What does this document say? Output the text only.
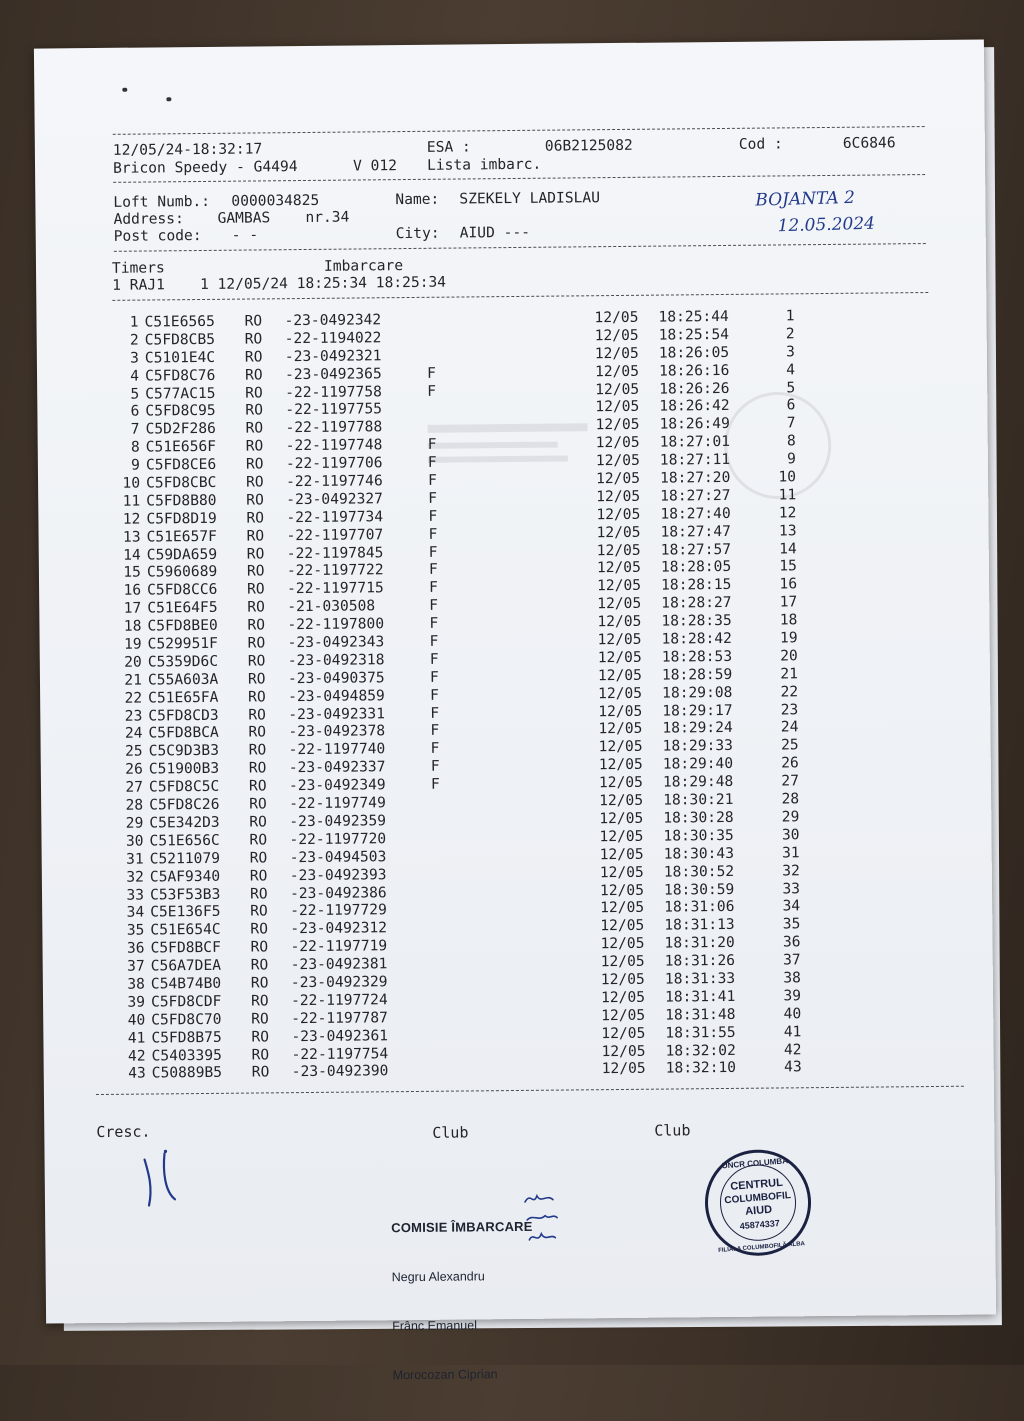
12/05/24-18:32:17

	ESA :

	06B2125082

	Cod :

	6C6846

Bricon Speedy - G4494

	V 012

Lista imbarc.

Loft Numb.:

0000034825

	Name:

SZEKELY LADISLAU

Address:

GAMBAS    nr.34

Post code:

- -

	City:

AIUD ---

BOJANTA 2

12.05.2024

Timers

	Imbarcare

1 RAJ1    1 12/05/24 18:25:34 18:25:34

1 C51E6565 RO -23-0492342	12/05 18:25:44	1
2 C5FD8CB5 RO -22-1194022	12/05 18:25:54	2
3 C5101E4C RO -23-0492321	12/05 18:26:05	3
4 C5FD8C76 RO -23-0492365	F	12/05 18:26:16	4
5 C577AC15 RO -22-1197758	F	12/05 18:26:26	5
6 C5FD8C95 RO -22-1197755	12/05 18:26:42	6
7 C5D2F286 RO -22-1197788	12/05 18:26:49	7
8 C51E656F RO -22-1197748	F	12/05 18:27:01	8
9 C5FD8CE6 RO -22-1197706	F	12/05 18:27:11	9
10 C5FD8CBC RO -22-1197746	F	12/05 18:27:20	10
11 C5FD8B80 RO -23-0492327	F	12/05 18:27:27	11
12 C5FD8D19 RO -22-1197734	F	12/05 18:27:40	12
13 C51E657F RO -22-1197707	F	12/05 18:27:47	13
14 C59DA659 RO -22-1197845	F	12/05 18:27:57	14
15 C5960689 RO -22-1197722	F	12/05 18:28:05	15
16 C5FD8CC6 RO -22-1197715	F	12/05 18:28:15	16
17 C51E64F5 RO -21-030508	F	12/05 18:28:27	17
18 C5FD8BE0 RO -22-1197800	F	12/05 18:28:35	18
19 C529951F RO -23-0492343	F	12/05 18:28:42	19
20 C5359D6C RO -23-0492318	F	12/05 18:28:53	20
21 C55A603A RO -23-0490375	F	12/05 18:28:59	21
22 C51E65FA RO -23-0494859	F	12/05 18:29:08	22
23 C5FD8CD3 RO -23-0492331	F	12/05 18:29:17	23
24 C5FD8BCA RO -23-0492378	F	12/05 18:29:24	24
25 C5C9D3B3 RO -22-1197740	F	12/05 18:29:33	25
26 C51900B3 RO -23-0492337	F	12/05 18:29:40	26
27 C5FD8C5C RO -23-0492349	F	12/05 18:29:48	27
28 C5FD8C26 RO -22-1197749	12/05 18:30:21	28
29 C5E342D3 RO -23-0492359	12/05 18:30:28	29
30 C51E656C RO -22-1197720	12/05 18:30:35	30
31 C5211079 RO -23-0494503	12/05 18:30:43	31
32 C5AF9340 RO -23-0492393	12/05 18:30:52	32
33 C53F53B3 RO -23-0492386	12/05 18:30:59	33
34 C5E136F5 RO -22-1197729	12/05 18:31:06	34
35 C51E654C RO -23-0492312	12/05 18:31:13	35
36 C5FD8BCF RO -22-1197719	12/05 18:31:20	36
37 C56A7DEA RO -23-0492381	12/05 18:31:26	37
38 C54B74B0 RO -23-0492329	12/05 18:31:33	38
39 C5FD8CDF RO -22-1197724	12/05 18:31:41	39
40 C5FD8C70 RO -22-1197787	12/05 18:31:48	40
41 C5FD8B75 RO -23-0492361	12/05 18:31:55	41
42 C5403395 RO -22-1197754	12/05 18:32:02	42
43 C50889B5 RO -23-0492390	12/05 18:32:10	43

Cresc.

	Club

	Club

COMISIE ÎMBARCARE

Negru Alexandru

Frânc Emanuel

Morocozan Ciprian

UNCR COLUMBA

CENTRUL

COLUMBOFIL

AIUD

45874337

FILIALA COLUMBOFILĂ ALBA
